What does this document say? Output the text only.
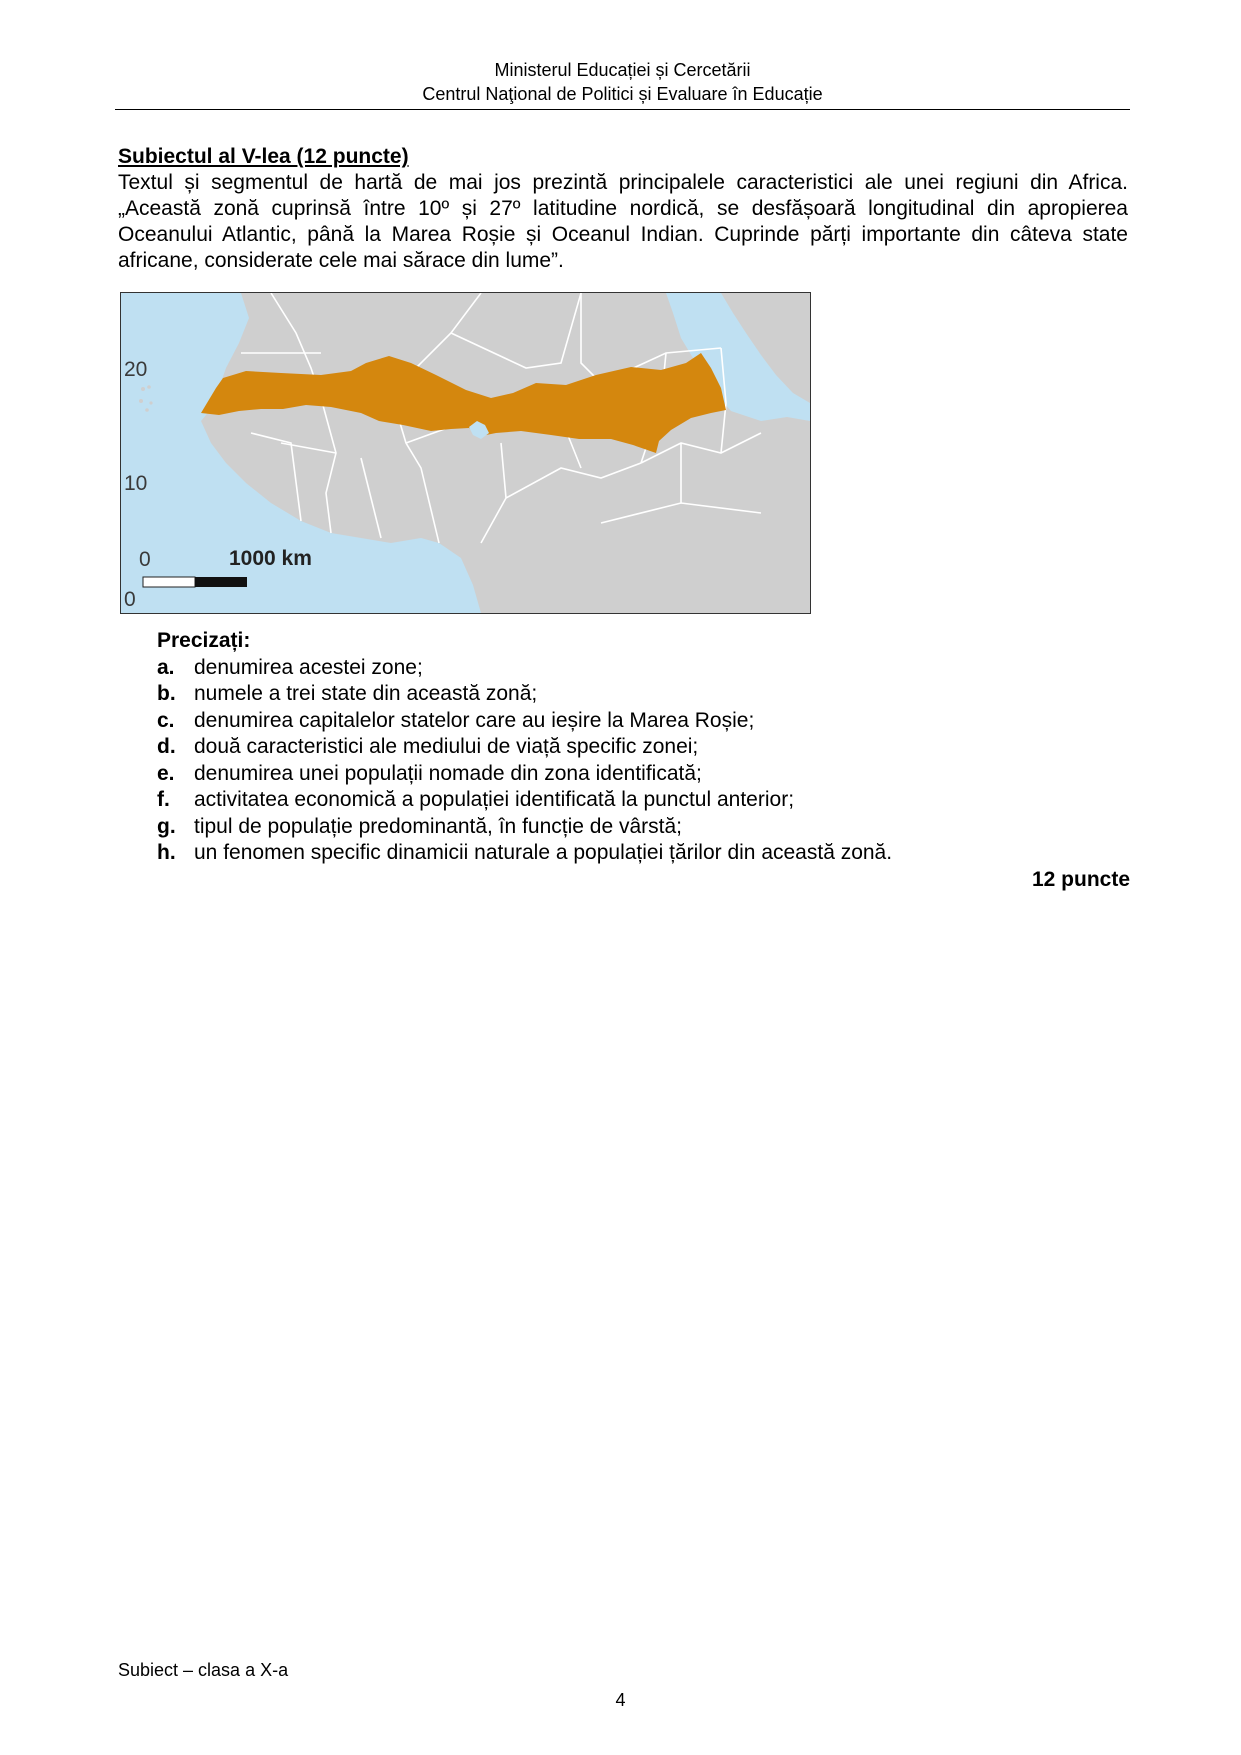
Ministerul Educației și Cercetării
Centrul Naţional de Politici și Evaluare în Educație

Subiectul al V-lea (12 puncte)

Textul și segmentul de hartă de mai jos prezintă principalele caracteristici ale unei regiuni din Africa. „Această zonă cuprinsă între 10º și 27º latitudine nordică, se desfășoară longitudinal din apropierea Oceanului Atlantic, până la Marea Roșie și Oceanul Indian. Cuprinde părți importante din câteva state africane, considerate cele mai sărace din lume”.

20
10
0
0
1000 km

Precizați:

a. denumirea acestei zone;
b. numele a trei state din această zonă;
c. denumirea capitalelor statelor care au ieșire la Marea Roșie;
d. două caracteristici ale mediului de viață specific zonei;
e. denumirea unei populații nomade din zona identificată;
f.	activitatea economică a populației identificată la punctul anterior;
g. tipul de populație predominantă, în funcție de vârstă;
h. un fenomen specific dinamicii naturale a populației țărilor din această zonă.
12 puncte
Subiect – clasa a X-a
4
